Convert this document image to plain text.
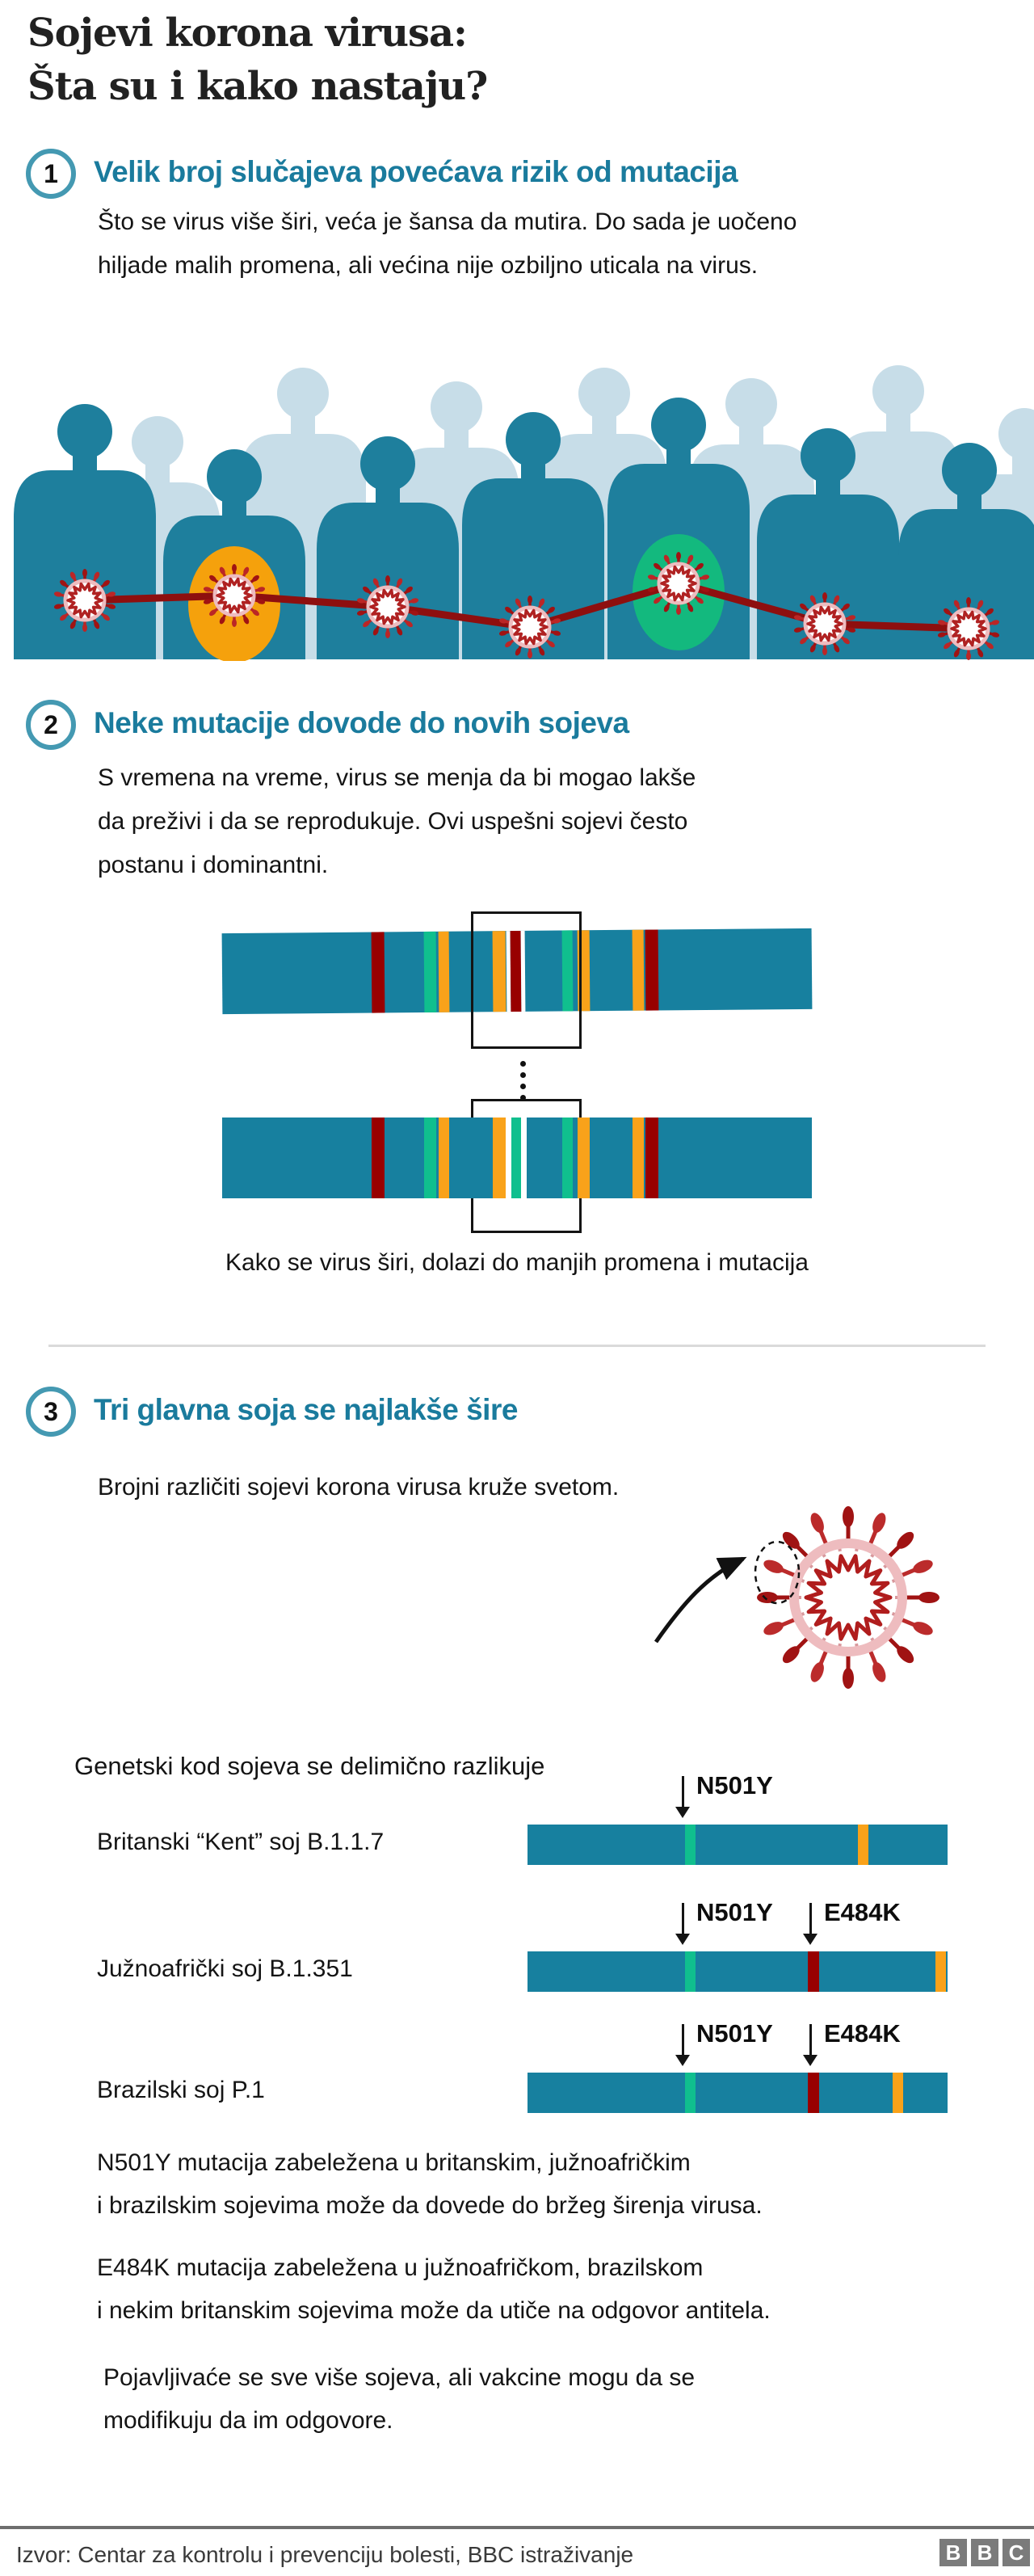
Sojevi korona virusa:
Šta su i kako nastaju?
1	Velik broj slučajeva povećava rizik od mutacija
Što se virus više širi, veća je šansa da mutira. Do sada je uočeno
hiljade malih promena, ali većina nije ozbiljno uticala na virus.
2	Neke mutacije dovode do novih sojeva
S vremena na vreme, virus se menja da bi mogao lakše
da preživi i da se reprodukuje. Ovi uspešni sojevi često
postanu i dominantni.
Kako se virus širi, dolazi do manjih promena i mutacija
3	Tri glavna soja se najlakše šire
Brojni različiti sojevi korona virusa kruže svetom.
Genetski kod sojeva se delimično razlikuje
Britanski “Kent” soj B.1.1.7
N501Y
Južnoafrički soj B.1.351
N501Y E484K
Brazilski soj P.1
N501Y E484K
N501Y mutacija zabeležena u britanskim, južnoafričkim
i brazilskim sojevima može da dovede do bržeg širenja virusa.
E484K mutacija zabeležena u južnoafričkom, brazilskom
i nekim britanskim sojevima može da utiče na odgovor antitela.
Pojavljivaće se sve više sojeva, ali vakcine mogu da se
modifikuju da im odgovore.
Izvor: Centar za kontrolu i prevenciju bolesti, BBC istraživanje	B B C
